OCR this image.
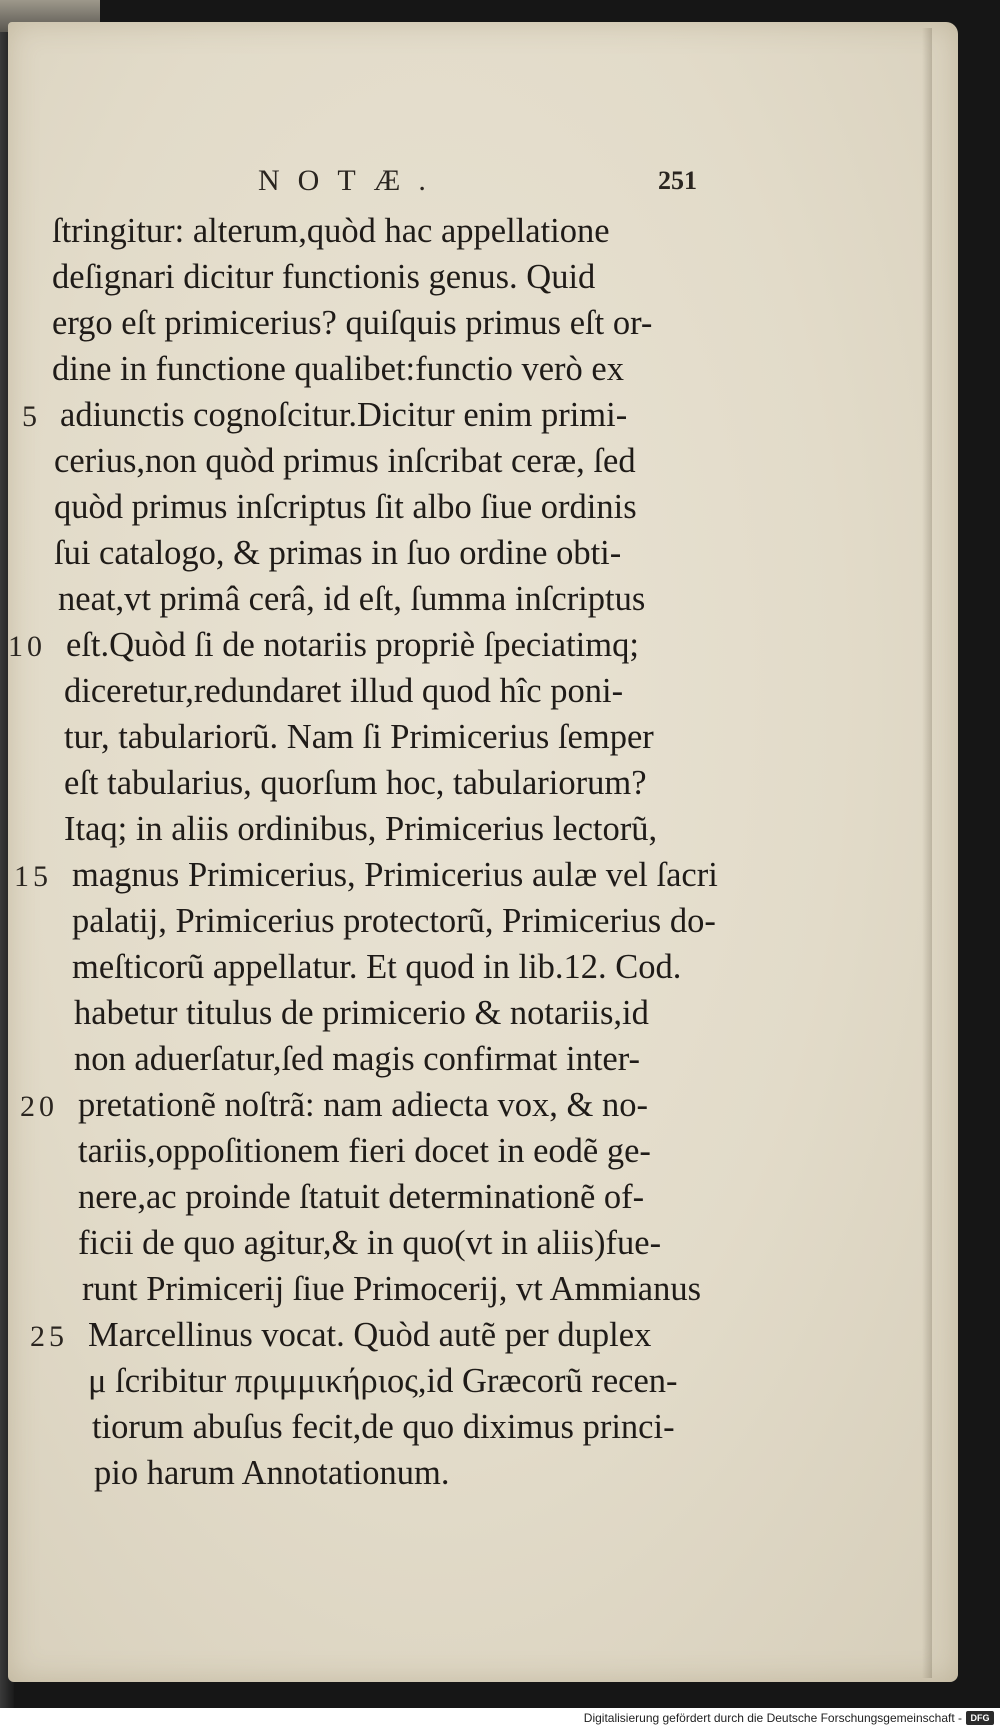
NOTÆ.	251
ſtringitur: alterum,quòd hac appellatione
deſignari dicitur functionis genus. Quid
ergo eſt primicerius? quiſquis primus eſt or-
dine in functione qualibet:functio verò ex
5 adiunctis cognoſcitur.Dicitur enim primi-
cerius,non quòd primus inſcribat ceræ, ſed
quòd primus inſcriptus ſit albo ſiue ordinis
ſui catalogo, & primas in ſuo ordine obti-
neat,vt primâ cerâ, id eſt, ſumma inſcriptus
10 eſt.Quòd ſi de notariis propriè ſpeciatimq;
diceretur,redundaret illud quod hîc poni-
tur, tabulariorũ. Nam ſi Primicerius ſemper
eſt tabularius, quorſum hoc, tabulariorum?
Itaq; in aliis ordinibus, Primicerius lectorũ,
15 magnus Primicerius, Primicerius aulæ vel ſacri
palatij, Primicerius protectorũ, Primicerius do-
meſticorũ appellatur. Et quod in lib.12. Cod.
habetur titulus de primicerio & notariis,id
non aduerſatur,ſed magis confirmat inter-
20 pretationẽ noſtrã: nam adiecta vox, & no-
tariis,oppoſitionem fieri docet in eodẽ ge-
nere,ac proinde ſtatuit determinationẽ of-
ficii de quo agitur,& in quo(vt in aliis)fue-
runt Primicerij ſiue Primocerij, vt Ammianus
25 Marcellinus vocat. Quòd autẽ per duplex
μ ſcribitur πριμμικήριος,id Græcorũ recen-
tiorum abuſus fecit,de quo diximus princi-
pio harum Annotationum.
Digitalisierung gefördert durch die Deutsche Forschungsgemeinschaft - DFG
